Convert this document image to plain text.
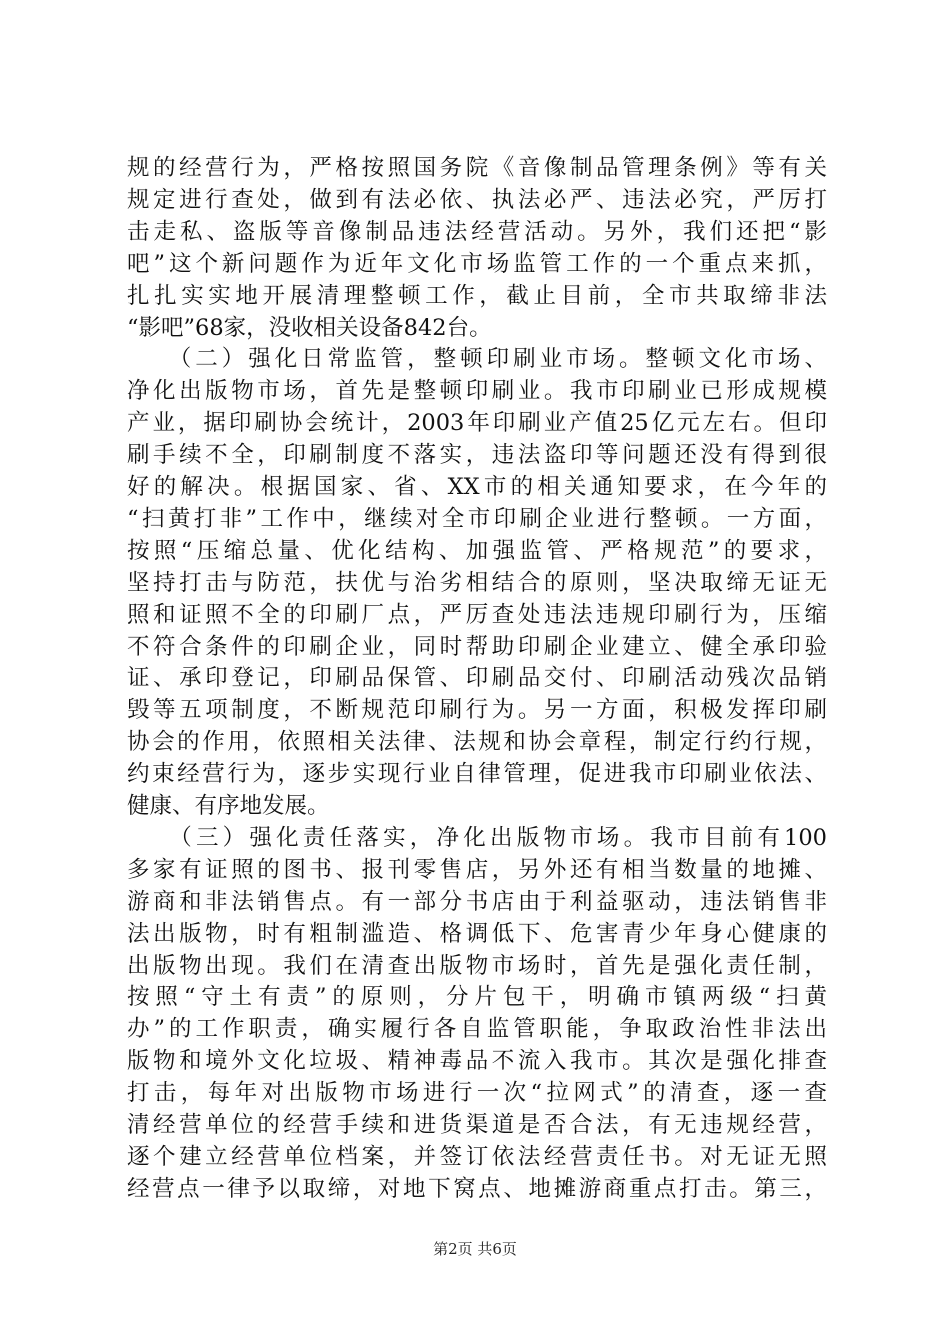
规的经营行为，严格按照国务院《音像制品管理条例》等有关
规定进行查处，做到有法必依、执法必严、违法必究，严厉打
击走私、盗版等音像制品违法经营活动。另外，我们还把“影
吧”这个新问题作为近年文化市场监管工作的一个重点来抓，
扎扎实实地开展清理整顿工作，截止目前，全市共取缔非法
“影吧”68家，没收相关设备842台。
　　（二）强化日常监管，整顿印刷业市场。整顿文化市场、
净化出版物市场，首先是整顿印刷业。我市印刷业已形成规模
产业，据印刷协会统计，2003年印刷业产值25亿元左右。但印
刷手续不全，印刷制度不落实，违法盗印等问题还没有得到很
好的解决。根据国家、省、XX市的相关通知要求，在今年的
“扫黄打非”工作中，继续对全市印刷企业进行整顿。一方面，
按照“压缩总量、优化结构、加强监管、严格规范”的要求，
坚持打击与防范，扶优与治劣相结合的原则，坚决取缔无证无
照和证照不全的印刷厂点，严厉查处违法违规印刷行为，压缩
不符合条件的印刷企业，同时帮助印刷企业建立、健全承印验
证、承印登记，印刷品保管、印刷品交付、印刷活动残次品销
毁等五项制度，不断规范印刷行为。另一方面，积极发挥印刷
协会的作用，依照相关法律、法规和协会章程，制定行约行规，
约束经营行为，逐步实现行业自律管理，促进我市印刷业依法、
健康、有序地发展。
　　（三）强化责任落实，净化出版物市场。我市目前有100
多家有证照的图书、报刊零售店，另外还有相当数量的地摊、
游商和非法销售点。有一部分书店由于利益驱动，违法销售非
法出版物，时有粗制滥造、格调低下、危害青少年身心健康的
出版物出现。我们在清查出版物市场时，首先是强化责任制，
按照“守土有责”的原则，分片包干，明确市镇两级“扫黄
办”的工作职责，确实履行各自监管职能，争取政治性非法出
版物和境外文化垃圾、精神毒品不流入我市。其次是强化排查
打击，每年对出版物市场进行一次“拉网式”的清查，逐一查
清经营单位的经营手续和进货渠道是否合法，有无违规经营，
逐个建立经营单位档案，并签订依法经营责任书。对无证无照
经营点一律予以取缔，对地下窝点、地摊游商重点打击。第三，
第2页 共6页
